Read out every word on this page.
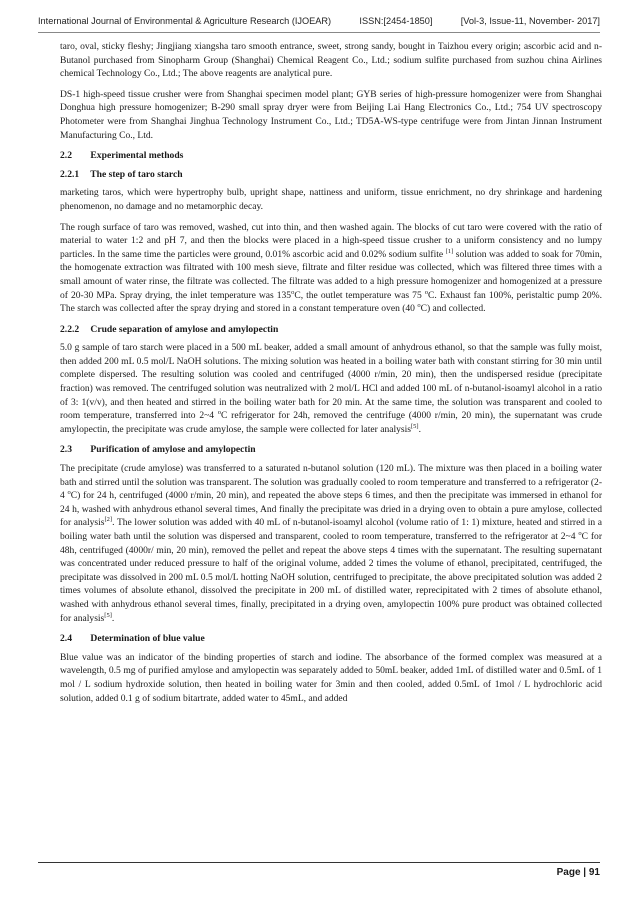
International Journal of Environmental & Agriculture Research (IJOEAR)	ISSN:[2454-1850]	[Vol-3, Issue-11, November- 2017]

taro, oval, sticky fleshy; Jingjiang xiangsha taro smooth entrance, sweet, strong sandy, bought in Taizhou every origin; ascorbic acid and n-Butanol purchased from Sinopharm Group (Shanghai) Chemical Reagent Co., Ltd.; sodium sulfite purchased from suzhou china Airlines chemical Technology Co., Ltd.; The above reagents are analytical pure.

DS-1 high-speed tissue crusher were from Shanghai specimen model plant; GYB series of high-pressure homogenizer were from Shanghai Donghua high pressure homogenizer; B-290 small spray dryer were from Beijing Lai Hang Electronics Co., Ltd.; 754 UV spectroscopy Photometer were from Shanghai Jinghua Technology Instrument Co., Ltd.; TD5A-WS-type centrifuge were from Jintan Jinnan Instrument Manufacturing Co., Ltd.

2.2 Experimental methods
2.2.1 The step of taro starch

marketing taros, which were hypertrophy bulb, upright shape, nattiness and uniform, tissue enrichment, no dry shrinkage and hardening phenomenon, no damage and no metamorphic decay.

The rough surface of taro was removed, washed, cut into thin, and then washed again. The blocks of cut taro were covered with the ratio of material to water 1:2 and pH 7, and then the blocks were placed in a high-speed tissue crusher to a uniform consistency and no lumpy particles. In the same time the particles were ground, 0.01% ascorbic acid and 0.02% sodium sulfite [1] solution was added to soak for 70min, the homogenate extraction was filtrated with 100 mesh sieve, filtrate and filter residue was collected, which was filtered three times with a small amount of water rinse, the filtrate was collected. The filtrate was added to a high pressure homogenizer and homogenized at a pressure of 20-30 MPa. Spray drying, the inlet temperature was 135$^o$C, the outlet temperature was 75 $^o$C. Exhaust fan 100%, peristaltic pump 20%. The starch was collected after the spray drying and stored in a constant temperature oven (40 $^o$C) and collected.

2.2.2 Crude separation of amylose and amylopectin

5.0 g sample of taro starch were placed in a 500 mL beaker, added a small amount of anhydrous ethanol, so that the sample was fully moist, then added 200 mL 0.5 mol/L NaOH solutions. The mixing solution was heated in a boiling water bath with constant stirring for 30 min until complete dispersed. The resulting solution was cooled and centrifuged (4000 r/min, 20 min), then the undispersed residue (precipitate fraction) was removed. The centrifuged solution was neutralized with 2 mol/L HCl and added 100 mL of n-butanol-isoamyl alcohol in a ratio of 3: 1(v/v), and then heated and stirred in the boiling water bath for 20 min. At the same time, the solution was transparent and cooled to room temperature, transferred into 2~4 $^o$C refrigerator for 24h, removed the centrifuge (4000 r/min, 20 min), the supernatant was crude amylopectin, the precipitate was crude amylose, the sample were collected for later analysis[5].

2.3 Purification of amylose and amylopectin

The precipitate (crude amylose) was transferred to a saturated n-butanol solution (120 mL). The mixture was then placed in a boiling water bath and stirred until the solution was transparent. The solution was gradually cooled to room temperature and transferred to a refrigerator (2-4 $^o$C) for 24 h, centrifuged (4000 r/min, 20 min), and repeated the above steps 6 times, and then the precipitate was immersed in ethanol for 24 h, washed with anhydrous ethanol several times, And finally the precipitate was dried in a drying oven to obtain a pure amylose, collected for analysis[2]. The lower solution was added with 40 mL of n-butanol-isoamyl alcohol (volume ratio of 1: 1) mixture, heated and stirred in a boiling water bath until the solution was dispersed and transparent, cooled to room temperature, transferred to the refrigerator at 2~4 $^o$C for 48h, centrifuged (4000r/ min, 20 min), removed the pellet and repeat the above steps 4 times with the supernatant. The resulting supernatant was concentrated under reduced pressure to half of the original volume, added 2 times the volume of ethanol, precipitated, centrifuged, the precipitate was dissolved in 200 mL 0.5 mol/L hotting NaOH solution, centrifuged to precipitate, the above precipitated solution was added 2 times volumes of absolute ethanol, dissolved the precipitate in 200 mL of distilled water, reprecipitated with 2 times of absolute ethanol, washed with anhydrous ethanol several times, finally, precipitated in a drying oven, amylopectin 100% pure product was obtained collected for analysis[5].

2.4 Determination of blue value

Blue value was an indicator of the binding properties of starch and iodine. The absorbance of the formed complex was measured at a wavelength, 0.5 mg of purified amylose and amylopectin was separately added to 50mL beaker, added 1mL of distilled water and 0.5mL of 1 mol / L sodium hydroxide solution, then heated in boiling water for 3min and then cooled, added 0.5mL of 1mol / L hydrochloric acid solution, added 0.1 g of sodium bitartrate, added water to 45mL, and added

Page | 91
